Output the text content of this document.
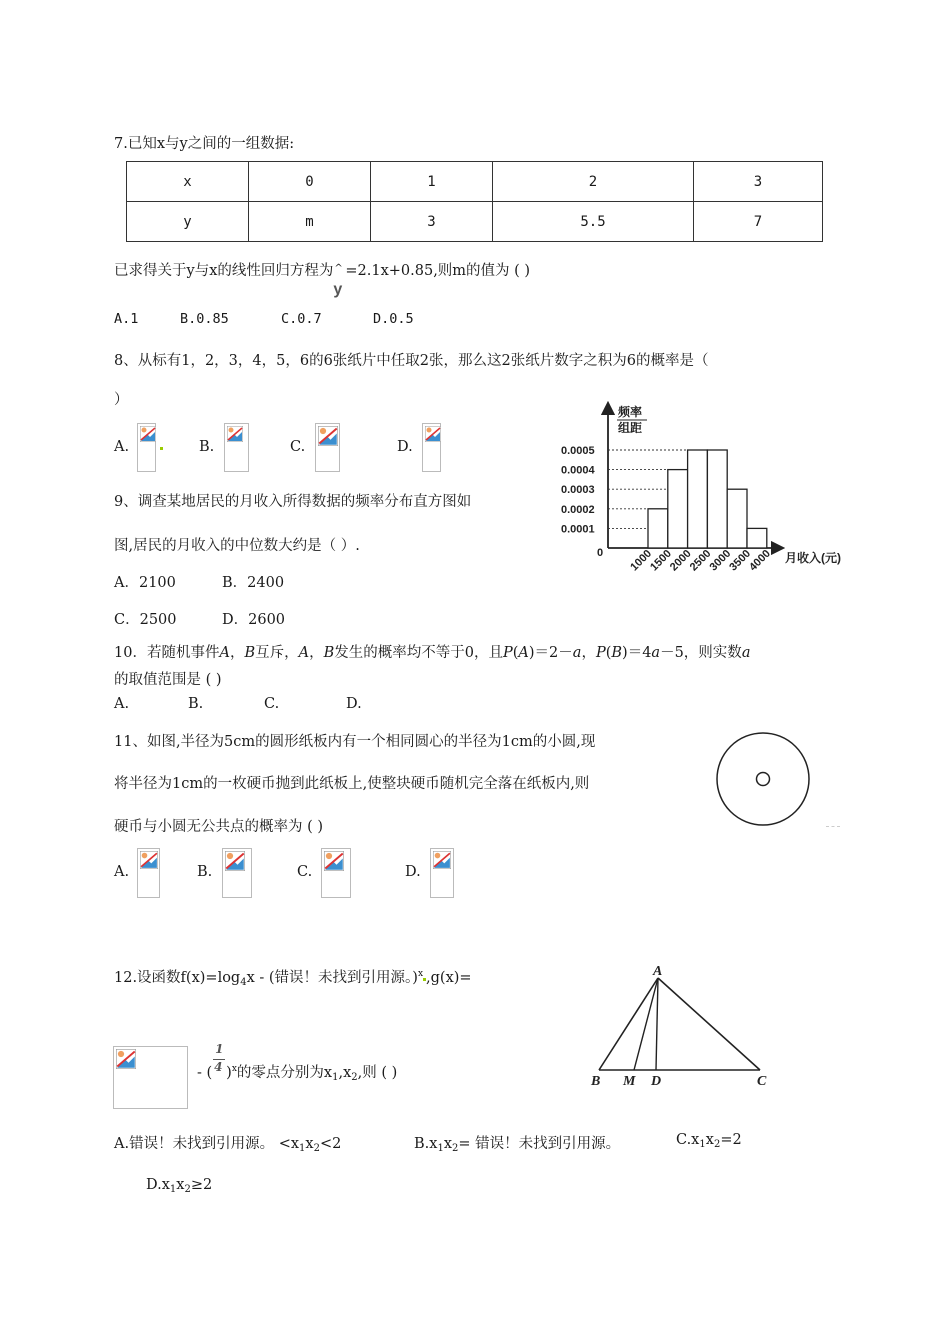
7.已知x与y之间的一组数据:
x	0	1	2	3
y	m	3	5.5	7
已求得关于y与x的线性回归方程为 ^
y
=2.1x+0.85,则m的值为 ( )
A.1	B.0.85	C.0.7	D.0.5
8、从标有1，2，3，4，5，6的6张纸片中任取2张，那么这2张纸片数字之积为6的概率是（
）
A.	B.	C.	D.
频率
组距
月收入(元)
0
0.0005
0.0004
0.0003
0.0002
0.0001
1000
1500
2000
2500
3000
3500
4000
9、调查某地居民的月收入所得数据的频率分布直方图如
图,居民的月收入的中位数大约是（ ）.
A．2100	B．2400
C．2500	D．2600
10．若随机事件A，B互斥，A，B发生的概率均不等于0，且P(A)＝2－a，P(B)＝4a－5，则实数a
的取值范围是 ( )
A.	B.	C.	D.
11、如图,半径为5cm的圆形纸板内有一个相同圆心的半径为1cm的小圆,现
将半径为1cm的一枚硬币抛到此纸板上,使整块硬币随机完全落在纸板内,则
硬币与小圆无公共点的概率为 ( )
A.	B.	C.	D.
12.设函数$f(x)=\log_4x$ - (错误！未找到引用源。)$^x$ ,g(x)=
- ( $\frac{1}{4} )^x$的零点分别为$x_1,x_2$,则 ( )
A
B M D	C
A.错误！未找到引用源。 $<x_1x_2<2$	$B.x_1x_2=$ 错误！未找到引用源。	$C.x_1x_2=2$
$D.x_1x_2\ge 2$
